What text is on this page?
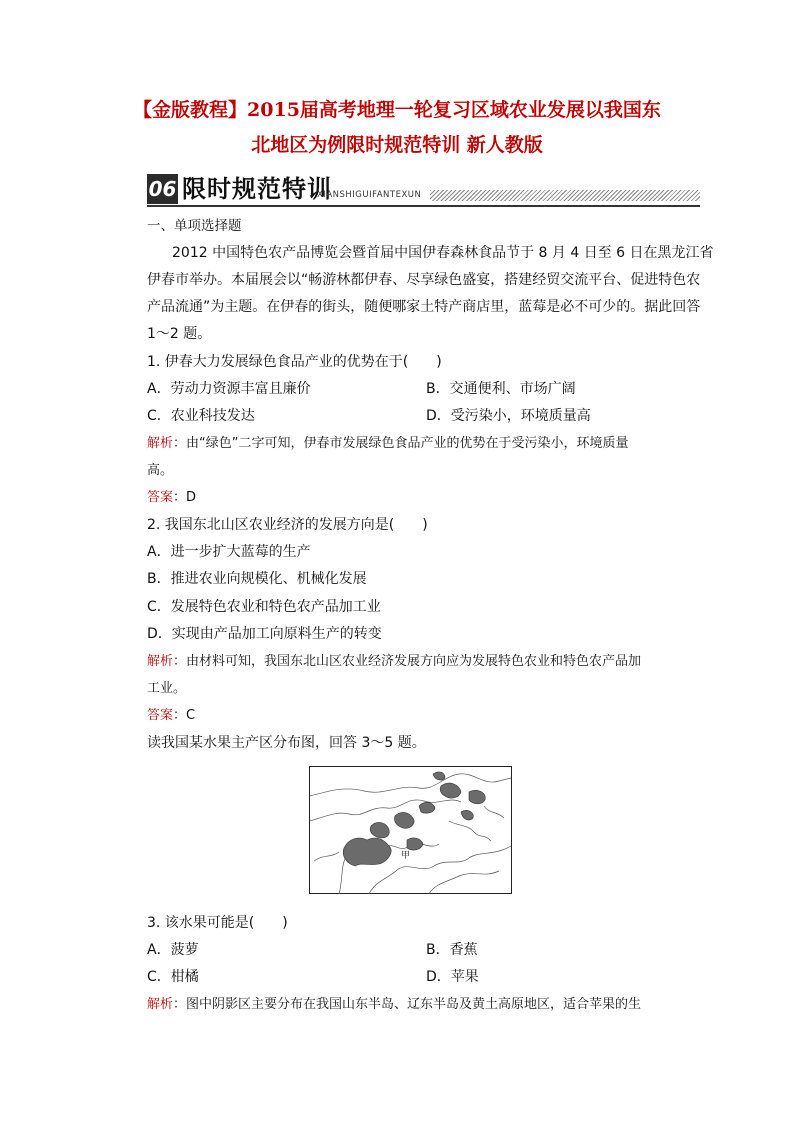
【金版教程】2015届高考地理一轮复习区域农业发展以我国东
北地区为例限时规范特训 新人教版
06 限时规范特训
XIANSHIGUIFANTEXUN
一、单项选择题
2012 中国特色农产品博览会暨首届中国伊春森林食品节于 8 月 4 日至 6 日在黑龙江省
伊春市举办。本届展会以“畅游林都伊春、尽享绿色盛宴，搭建经贸交流平台、促进特色农
产品流通”为主题。在伊春的街头，随便哪家土特产商店里，蓝莓是必不可少的。据此回答
1～2 题。
1. 伊春大力发展绿色食品产业的优势在于(　　)
A．劳动力资源丰富且廉价	B．交通便利、市场广阔
C．农业科技发达	D．受污染小，环境质量高
解析：由“绿色”二字可知，伊春市发展绿色食品产业的优势在于受污染小，环境质量
高。
答案：D
2. 我国东北山区农业经济的发展方向是(　　)
A．进一步扩大蓝莓的生产
B．推进农业向规模化、机械化发展
C．发展特色农业和特色农产品加工业
D．实现由产品加工向原料生产的转变
解析：由材料可知，我国东北山区农业经济发展方向应为发展特色农业和特色农产品加
工业。
答案：C
读我国某水果主产区分布图，回答 3～5 题。
甲
3. 该水果可能是(　　)
A．菠萝	B．香蕉
C．柑橘	D．苹果
解析：图中阴影区主要分布在我国山东半岛、辽东半岛及黄土高原地区，适合苹果的生
